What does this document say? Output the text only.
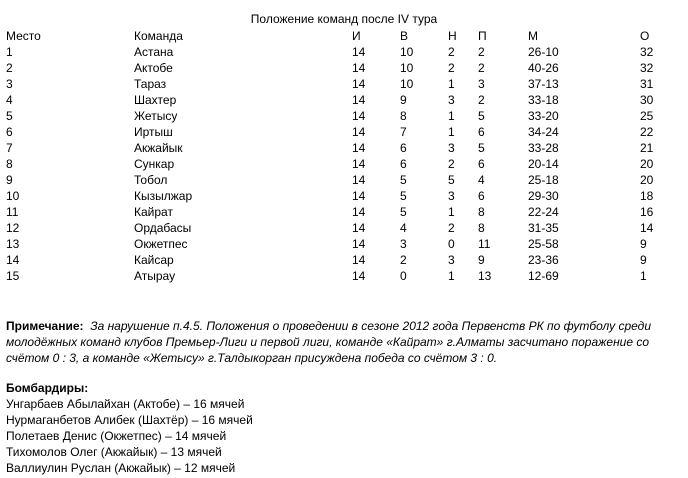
Положение команд после IV тура
Место	Команда	И	В	Н	П	М	О
1	Астана	14	10	2	2	26-10	32
2	Актобе	14	10	2	2	40-26	32
3	Тараз	14	10	1	3	37-13	31
4	Шахтер	14	9	3	2	33-18	30
5	Жетысу	14	8	1	5	33-20	25
6	Иртыш	14	7	1	6	34-24	22
7	Акжайык	14	6	3	5	33-28	21
8	Сункар	14	6	2	6	20-14	20
9	Тобол	14	5	5	4	25-18	20
10	Кызылжар	14	5	3	6	29-30	18
11	Кайрат	14	5	1	8	22-24	16
12	Ордабасы	14	4	2	8	31-35	14
13	Окжетпес	14	3	0	11	25-58	9
14	Кайсар	14	2	3	9	23-36	9
15	Атырау	14	0	1	13	12-69	1

Примечание: За нарушение п.4.5. Положения о проведении в сезоне 2012 года Первенств РК по футболу среди молодёжных команд клубов Премьер-Лиги и первой лиги, команде «Кайрат» г.Алматы засчитано поражение со счётом 0 : 3, а команде «Жетысу» г.Талдыкорган присуждена победа со счётом 3 : 0.

Бомбардиры:
Унгарбаев Абылайхан (Актобе) – 16 мячей
Нурмаганбетов Алибек (Шахтёр) – 16 мячей
Полетаев Денис (Окжетпес) – 14 мячей
Тихомолов Олег (Акжайык) – 13 мячей
Валлиулин Руслан (Акжайык) – 12 мячей
